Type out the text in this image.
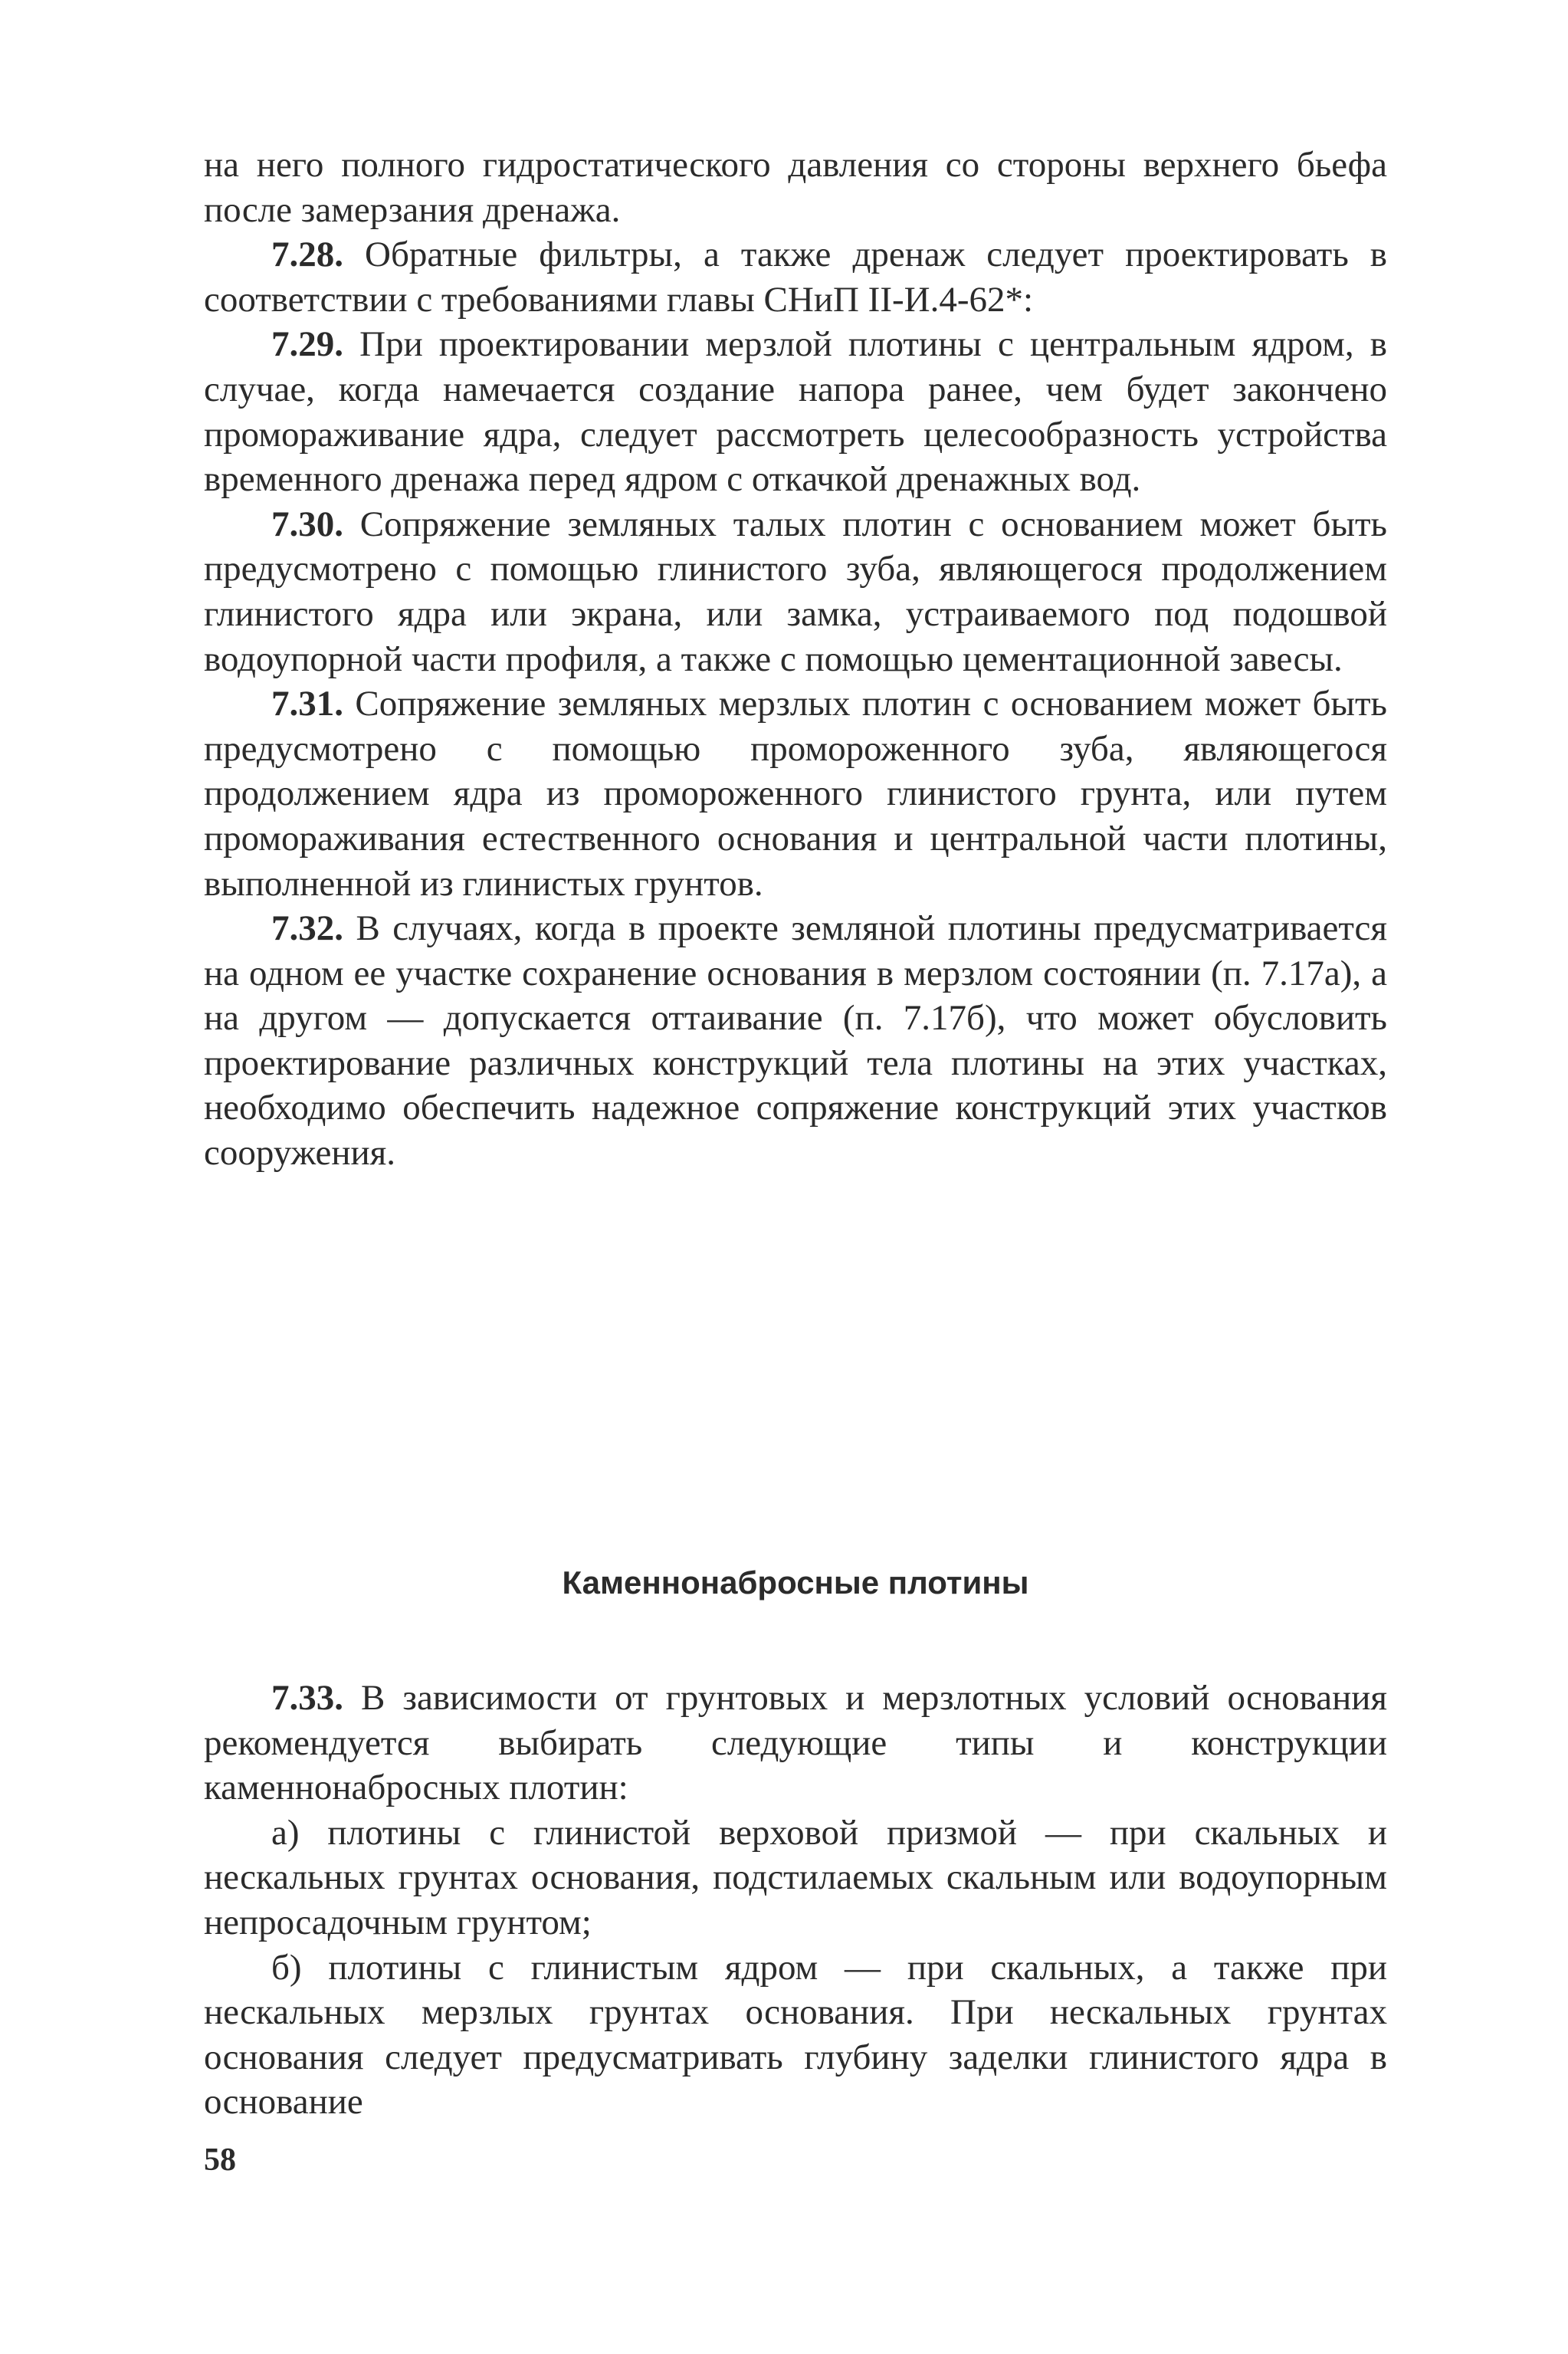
на него полного гидростатического давления со стороны верхнего бьефа после замерзания дренажа.

7.28. Обратные фильтры, а также дренаж следует проектировать в соответствии с требованиями главы СНиП II-И.4-62*:

7.29. При проектировании мерзлой плотины с центральным ядром, в случае, когда намечается создание напора ранее, чем будет закончено промораживание ядра, следует рассмотреть целесообразность устройства временного дренажа перед ядром с откачкой дренажных вод.

7.30. Сопряжение земляных талых плотин с основанием может быть предусмотрено с помощью глинистого зуба, являющегося продолжением глинистого ядра или экрана, или замка, устраиваемого под подошвой водоупорной части профиля, а также с помощью цементационной завесы.

7.31. Сопряжение земляных мерзлых плотин с основанием может быть предусмотрено с помощью промороженного зуба, являющегося продолжением ядра из промороженного глинистого грунта, или путем промораживания естественного основания и центральной части плотины, выполненной из глинистых грунтов.

7.32. В случаях, когда в проекте земляной плотины предусматривается на одном ее участке сохранение основания в мерзлом состоянии (п. 7.17а), а на другом — допускается оттаивание (п. 7.17б), что может обусловить проектирование различных конструкций тела плотины на этих участках, необходимо обеспечить надежное сопряжение конструкций этих участков сооружения.

Каменнонабросные плотины

7.33. В зависимости от грунтовых и мерзлотных условий основания рекомендуется выбирать следующие типы и конструкции каменнонабросных плотин:

а) плотины с глинистой верховой призмой — при скальных и нескальных грунтах основания, подстилаемых скальным или водоупорным непросадочным грунтом;

б) плотины с глинистым ядром — при скальных, а также при нескальных мерзлых грунтах основания. При нескальных грунтах основания следует предусматривать глубину заделки глинистого ядра в основание

58
